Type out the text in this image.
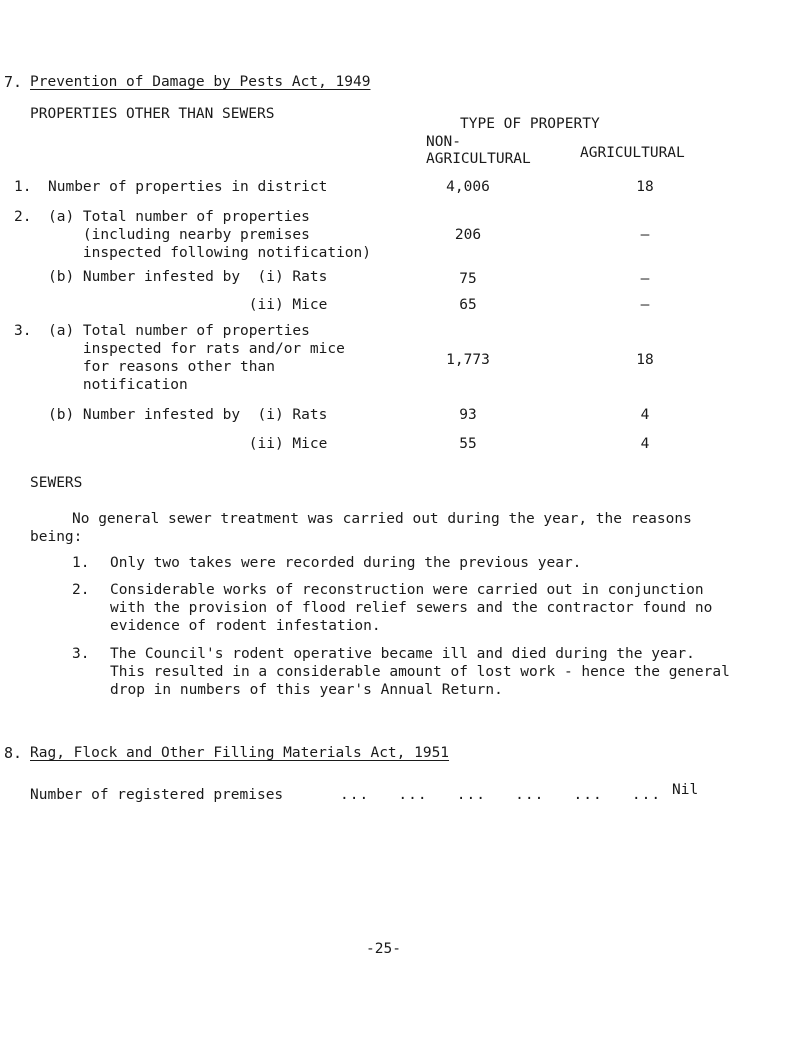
7. Prevention of Damage by Pests Act, 1949
PROPERTIES OTHER THAN SEWERS
TYPE OF PROPERTY
NON-
AGRICULTURAL	AGRICULTURAL
1. Number of properties in district	4,006	18
2. (a) Total number of properties
(including nearby premises
inspected following notification)
206	–
(b) Number infested by  (i) Rats	75	–
(ii) Mice	65	–
3. (a) Total number of properties
inspected for rats and/or mice
for reasons other than
notification
1,773	18
(b) Number infested by  (i) Rats	93	4
(ii) Mice	55	4
SEWERS
No general sewer treatment was carried out during the year, the reasons
being:
1. Only two takes were recorded during the previous year.
2. Considerable works of reconstruction were carried out in conjunction
with the provision of flood relief sewers and the contractor found no
evidence of rodent infestation.
3. The Council's rodent operative became ill and died during the year.
This resulted in a considerable amount of lost work - hence the general
drop in numbers of this year's Annual Return.
8. Rag, Flock and Other Filling Materials Act, 1951
Number of registered premises	...   ...   ...   ...   ...   ... Nil
-25-
